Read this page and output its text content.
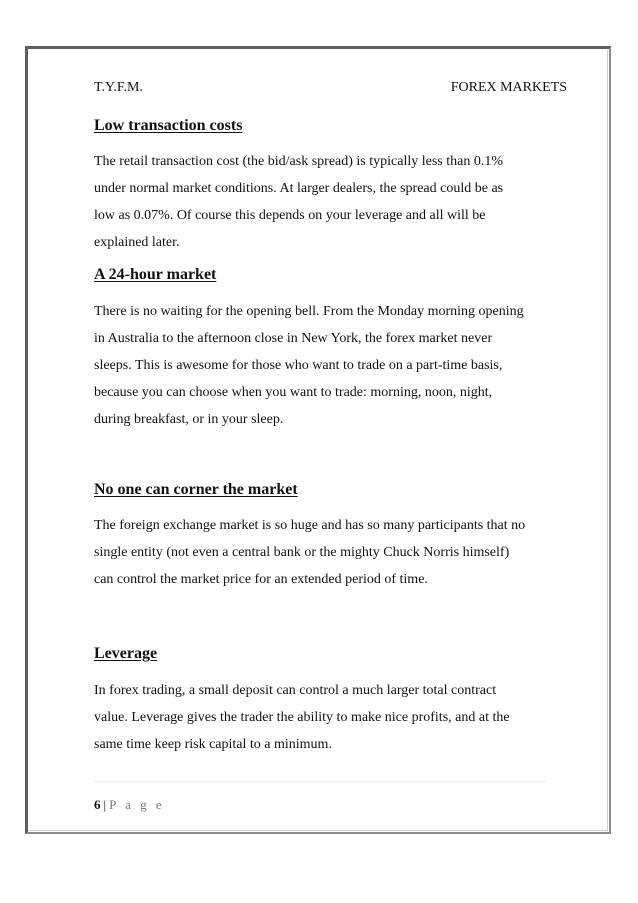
T.Y.F.M.	FOREX MARKETS
Low transaction costs
The retail transaction cost (the bid/ask spread) is typically less than 0.1%
under normal market conditions. At larger dealers, the spread could be as
low as 0.07%. Of course this depends on your leverage and all will be
explained later.
A 24-hour market
There is no waiting for the opening bell. From the Monday morning opening
in Australia to the afternoon close in New York, the forex market never
sleeps. This is awesome for those who want to trade on a part-time basis,
because you can choose when you want to trade: morning, noon, night,
during breakfast, or in your sleep.
No one can corner the market
The foreign exchange market is so huge and has so many participants that no
single entity (not even a central bank or the mighty Chuck Norris himself)
can control the market price for an extended period of time.
Leverage
In forex trading, a small deposit can control a much larger total contract
value. Leverage gives the trader the ability to make nice profits, and at the
same time keep risk capital to a minimum.
6 | P a g e
